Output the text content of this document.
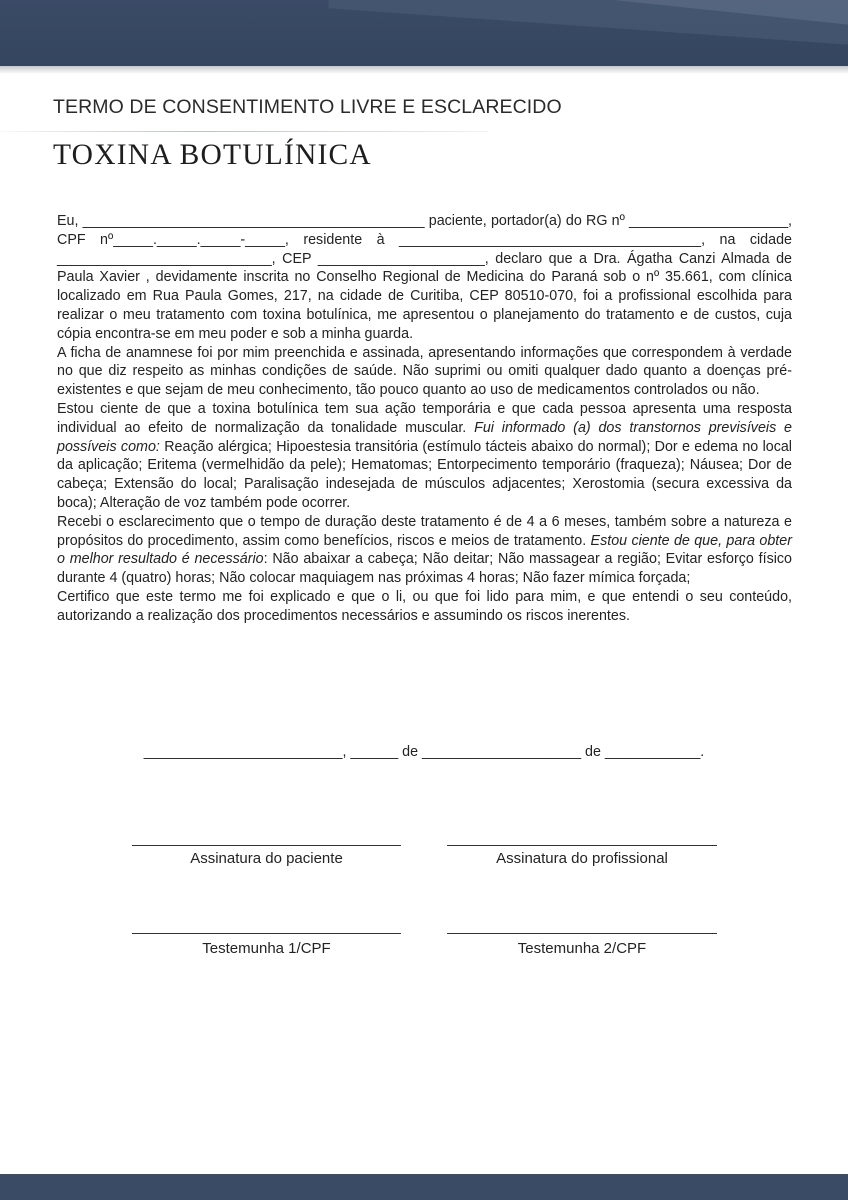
TERMO DE CONSENTIMENTO LIVRE E ESCLARECIDO
TOXINA BOTULÍNICA

Eu, ___________________________________________ paciente, portador(a) do RG nº ____________________, CPF nº_____._____._____-_____, residente à ______________________________________, na cidade ___________________________, CEP _____________________, declaro que a Dra. Ágatha Canzi Almada de Paula Xavier , devidamente inscrita no Conselho Regional de Medicina do Paraná sob o nº 35.661, com clínica localizado em Rua Paula Gomes, 217, na cidade de Curitiba, CEP 80510-070, foi a profissional escolhida para realizar o meu tratamento com toxina botulínica, me apresentou o planejamento do tratamento e de custos, cuja cópia encontra-se em meu poder e sob a minha guarda.

A ficha de anamnese foi por mim preenchida e assinada, apresentando informações que correspondem à verdade no que diz respeito as minhas condições de saúde. Não suprimi ou omiti qualquer dado quanto a doenças pré-existentes e que sejam de meu conhecimento, tão pouco quanto ao uso de medicamentos controlados ou não.

Estou ciente de que a toxina botulínica tem sua ação temporária e que cada pessoa apresenta uma resposta individual ao efeito de normalização da tonalidade muscular. Fui informado (a) dos transtornos previsíveis e possíveis como: Reação alérgica; Hipoestesia transitória (estímulo tácteis abaixo do normal); Dor e edema no local da aplicação; Eritema (vermelhidão da pele); Hematomas; Entorpecimento temporário (fraqueza); Náusea; Dor de cabeça; Extensão do local; Paralisação indesejada de músculos adjacentes; Xerostomia (secura excessiva da boca); Alteração de voz também pode ocorrer.

Recebi o esclarecimento que o tempo de duração deste tratamento é de 4 a 6 meses, também sobre a natureza e propósitos do procedimento, assim como benefícios, riscos e meios de tratamento. Estou ciente de que, para obter o melhor resultado é necessário: Não abaixar a cabeça; Não deitar; Não massagear a região; Evitar esforço físico durante 4 (quatro) horas; Não colocar maquiagem nas próximas 4 horas; Não fazer mímica forçada;

Certifico que este termo me foi explicado e que o li, ou que foi lido para mim, e que entendi o seu conteúdo, autorizando a realização dos procedimentos necessários e assumindo os riscos inerentes.

_________________________, ______ de ____________________ de ____________.
Assinatura do paciente	Assinatura do profissional
Testemunha 1/CPF	Testemunha 2/CPF
